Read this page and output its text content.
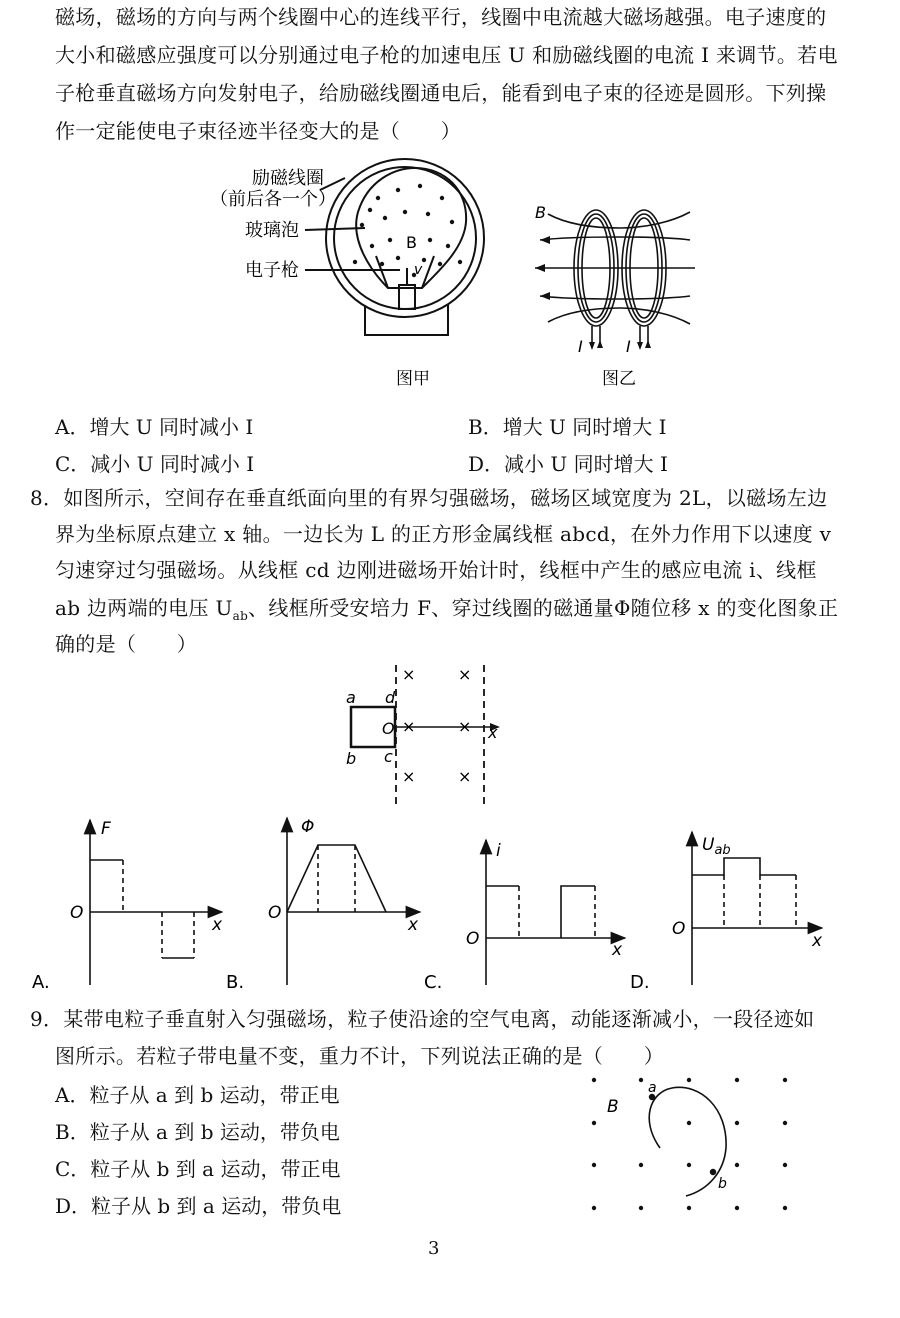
磁场，磁场的方向与两个线圈中心的连线平行，线圈中电流越大磁场越强。电子速度的
大小和磁感应强度可以分别通过电子枪的加速电压 U 和励磁线圈的电流 I 来调节。若电
子枪垂直磁场方向发射电子，给励磁线圈通电后，能看到电子束的径迹是圆形。下列操
作一定能使电子束径迹半径变大的是（　　）
励磁线圈
（前后各一个）
玻璃泡
电子枪
B
v
图甲
B
I	I
图乙
A．增大 U 同时减小 I	B．增大 U 同时增大 I
C．减小 U 同时减小 I	D．减小 U 同时增大 I
8．如图所示，空间存在垂直纸面向里的有界匀强磁场，磁场区域宽度为 2L，以磁场左边
界为坐标原点建立 x 轴。一边长为 L 的正方形金属线框 abcd，在外力作用下以速度 v
匀速穿过匀强磁场。从线框 cd 边刚进磁场开始计时，线框中产生的感应电流 i、线框
ab 边两端的电压 $U_{ab}$、线框所受安培力 F、穿过线圈的磁通量Φ随位移 x 的变化图象正
确的是（　　）
a d
b c
O	x
×	×
×	×
×	×
F
x
O
A.
Φ
x
O
B.
i
x
O
C.
$U_{ab}$
x
O
D.
9．某带电粒子垂直射入匀强磁场，粒子使沿途的空气电离，动能逐渐减小，一段径迹如
图所示。若粒子带电量不变，重力不计，下列说法正确的是（　　）
A．粒子从 a 到 b 运动，带正电
B．粒子从 a 到 b 运动，带负电
C．粒子从 b 到 a 运动，带正电
D．粒子从 b 到 a 运动，带负电
B
a
b
3
